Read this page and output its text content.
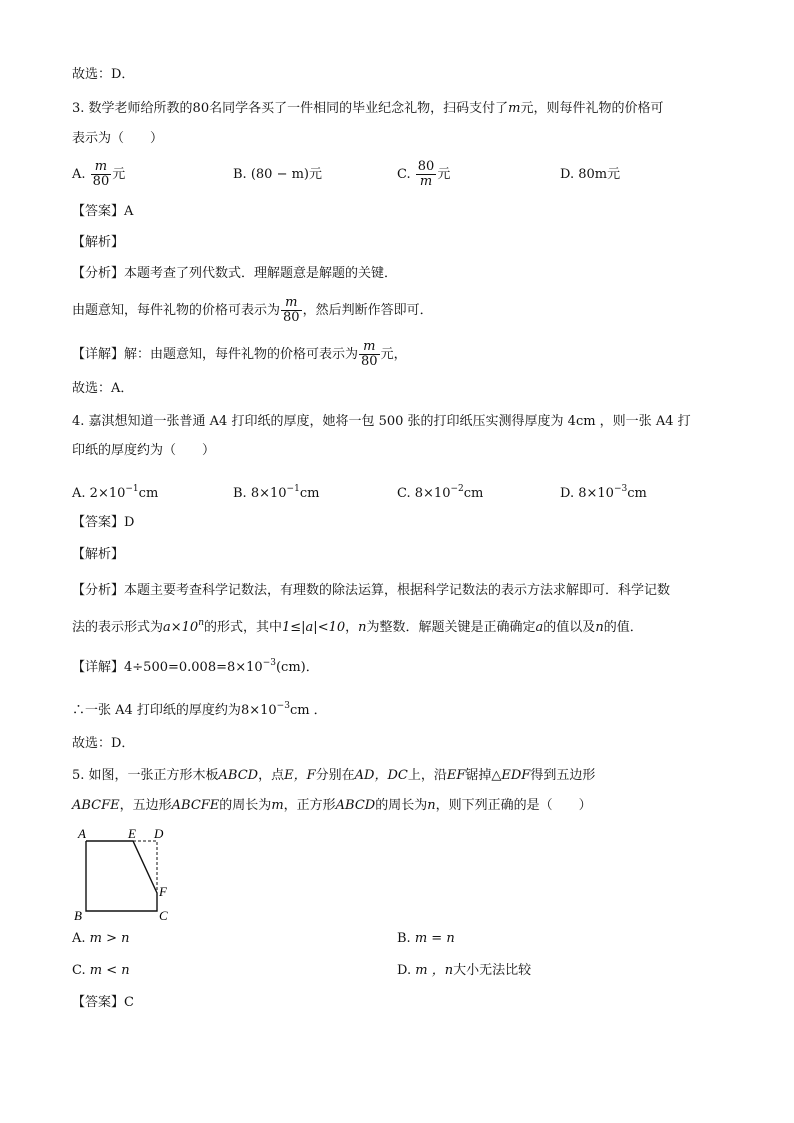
故选：D．
3. 数学老师给所教的80名同学各买了一件相同的毕业纪念礼物，扫码支付了m元，则每件礼物的价格可
表示为（　　）
A. $\frac{m}{80}$ 元	B. (80 − m)元	C. $\frac{80}{m}$ 元	D. 80m元
【答案】A
【解析】
【分析】本题考查了列代数式．理解题意是解题的关键．
由题意知，每件礼物的价格可表示为 $\frac{m}{80}$ ，然后判断作答即可．
【详解】解：由题意知，每件礼物的价格可表示为 $\frac{m}{80}$ 元，
故选：A．
4. 嘉淇想知道一张普通 A4 打印纸的厚度，她将一包 500 张的打印纸压实测得厚度为 4cm ，则一张 A4 打
印纸的厚度约为（　　）
A. $2\times 10^{-1}cm$	B. $8\times 10^{-1}cm$	C. $8\times 10^{-2}cm$	D. $8\times 10^{-3}cm$
【答案】D
【解析】
【分析】本题主要考查科学记数法，有理数的除法运算，根据科学记数法的表示方法求解即可．科学记数
法的表示形式为$a\times 10^n$的形式，其中1≤|a|<10，n为整数．解题关键是正确确定a的值以及n的值．
【详解】$4\div 500=0.008=8\times 10^{-3}(cm)$．
∴一张 A4 打印纸的厚度约为$8\times 10^{-3}cm$ ．
故选：D．
5. 如图，一张正方形木板ABCD，点E，F分别在AD，DC上，沿EF锯掉△EDF得到五边形
ABCFE，五边形ABCFE的周长为m，正方形ABCD的周长为n，则下列正确的是（　　）
A	E D
F
B	C
A. m > n	B. m = n
C. m < n	D. m ，n大小无法比较
【答案】C
